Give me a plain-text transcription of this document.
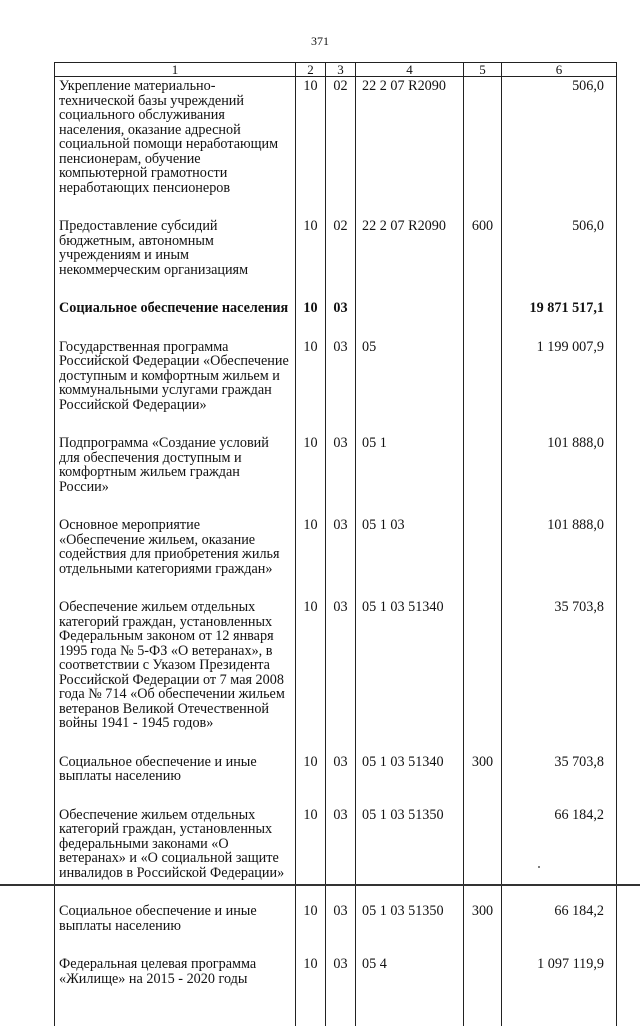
371
1	2	3	4	5	6
Укрепление материально-технической базы учреждений социального обслуживания населения, оказание адресной социальной помощи неработающим пенсионерам, обучение компьютерной грамотности неработающих пенсионеров	10	02	22 2 07 R2090		506,0
Предоставление субсидий бюджетным, автономным учреждениям и иным некоммерческим организациям	10	02	22 2 07 R2090	600	506,0
Социальное обеспечение населения	10	03			19 871 517,1
Государственная программа Российской Федерации «Обеспечение доступным и комфортным жильем и коммунальными услугами граждан Российской Федерации»	10	03	05		1 199 007,9
Подпрограмма «Создание условий для обеспечения доступным и комфортным жильем граждан России»	10	03	05 1		101 888,0
Основное мероприятие «Обеспечение жильем, оказание содействия для приобретения жилья отдельными категориями граждан»	10	03	05 1 03		101 888,0
Обеспечение жильем отдельных категорий граждан, установленных Федеральным законом от 12 января 1995 года № 5-ФЗ «О ветеранах», в соответствии с Указом Президента Российской Федерации от 7 мая 2008 года № 714 «Об обеспечении жильем ветеранов Великой Отечественной войны 1941 - 1945 годов»	10	03	05 1 03 51340		35 703,8
Социальное обеспечение и иные выплаты населению	10	03	05 1 03 51340	300	35 703,8
Обеспечение жильем отдельных категорий граждан, установленных федеральными законами «О ветеранах» и «О социальной защите инвалидов в Российской Федерации»	10	03	05 1 03 51350		66 184,2
Социальное обеспечение и иные выплаты населению	10	03	05 1 03 51350	300	66 184,2
Федеральная целевая программа «Жилище» на 2015 - 2020 годы	10	03	05 4		1 097 119,9
